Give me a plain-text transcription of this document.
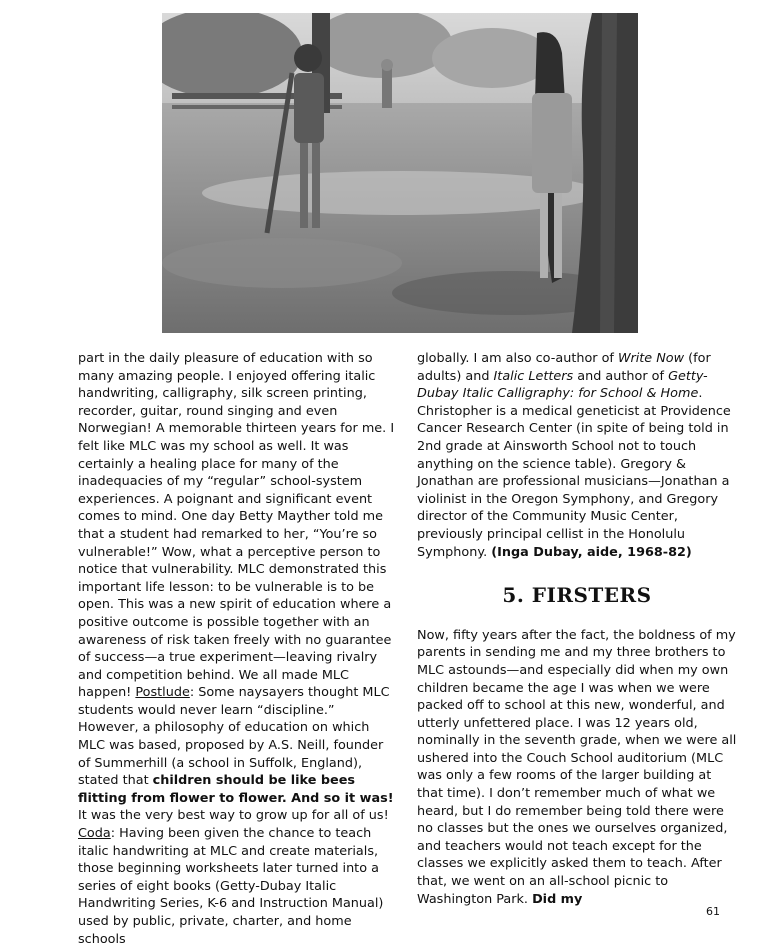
part in the daily pleasure of education with so many amazing people. I enjoyed offering italic handwriting, calligraphy, silk screen printing, recorder, guitar, round singing and even Norwegian! A memorable thirteen years for me. I felt like MLC was my school as well. It was certainly a healing place for many of the inadequacies of my “regular” school-system experiences. A poignant and significant event comes to mind. One day Betty Mayther told me that a student had remarked to her, “You’re so vulnerable!” Wow, what a perceptive person to notice that vulnerability. MLC demonstrated this important life lesson: to be vulnerable is to be open. This was a new spirit of education where a positive outcome is possible together with an awareness of risk taken freely with no guarantee of success—a true experiment—leaving rivalry and competition behind. We all made MLC happen! Postlude: Some naysayers thought MLC students would never learn “discipline.” However, a philosophy of education on which MLC was based, proposed by A.S. Neill, founder of Summerhill (a school in Suffolk, England), stated that children should be like bees flitting from flower to flower. And so it was! It was the very best way to grow up for all of us! Coda: Having been given the chance to teach italic handwriting at MLC and create materials, those beginning worksheets later turned into a series of eight books (Getty-Dubay Italic Handwriting Series, K-6 and Instruction Manual) used by public, private, charter, and home schools

globally. I am also co-author of Write Now (for adults) and Italic Letters and author of Getty-Dubay Italic Calligraphy: for School & Home. Christopher is a medical geneticist at Providence Cancer Research Center (in spite of being told in 2nd grade at Ainsworth School not to touch anything on the science table). Gregory & Jonathan are professional musicians—Jonathan a violinist in the Oregon Symphony, and Gregory director of the Community Music Center, previously principal cellist in the Honolulu Symphony. (Inga Dubay, aide, 1968-82)

5. FIRSTERS

Now, fifty years after the fact, the boldness of my parents in sending me and my three brothers to MLC astounds—and especially did when my own children became the age I was when we were packed off to school at this new, wonderful, and utterly unfettered place. I was 12 years old, nominally in the seventh grade, when we were all ushered into the Couch School auditorium (MLC was only a few rooms of the larger building at that time). I don’t remember much of what we heard, but I do remember being told there were no classes but the ones we ourselves organized, and teachers would not teach except for the classes we explicitly asked them to teach. After that, we went on an all-school picnic to Washington Park. Did my

61
